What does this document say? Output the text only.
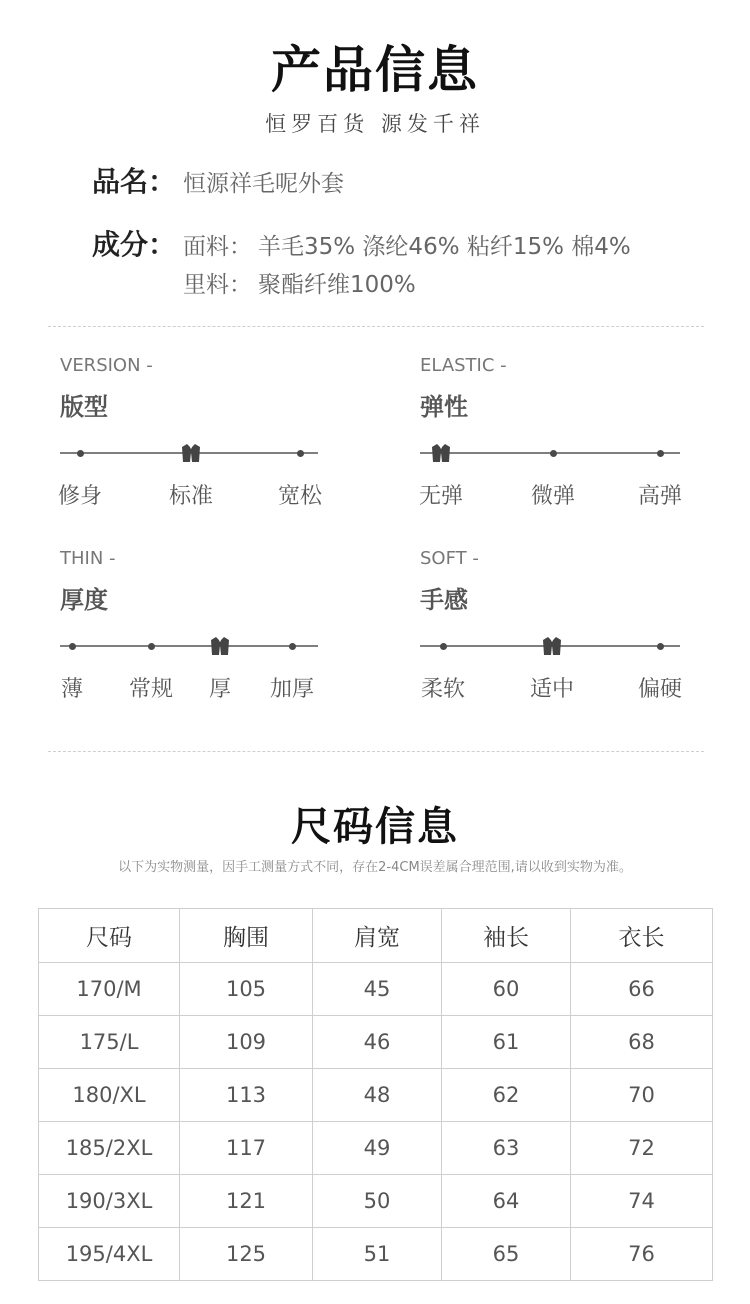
产品信息
恒罗百货 源发千祥
品名： 恒源祥毛呢外套
成分： 面料： 羊毛35% 涤纶46% 粘纤15% 棉4%
里料： 聚酯纤维100%
VERSION -
版型
修身	标准	宽松
ELASTIC -
弹性
无弹	微弹	高弹
THIN -
厚度
薄 常规 厚 加厚
SOFT -
手感
柔软	适中	偏硬
尺码信息
以下为实物测量，因手工测量方式不同，存在2-4CM误差属合理范围,请以收到实物为准。
尺码	胸围	肩宽	袖长	衣长
170/M	105	45	60	66
175/L	109	46	61	68
180/XL	113	48	62	70
185/2XL	117	49	63	72
190/3XL	121	50	64	74
195/4XL	125	51	65	76
